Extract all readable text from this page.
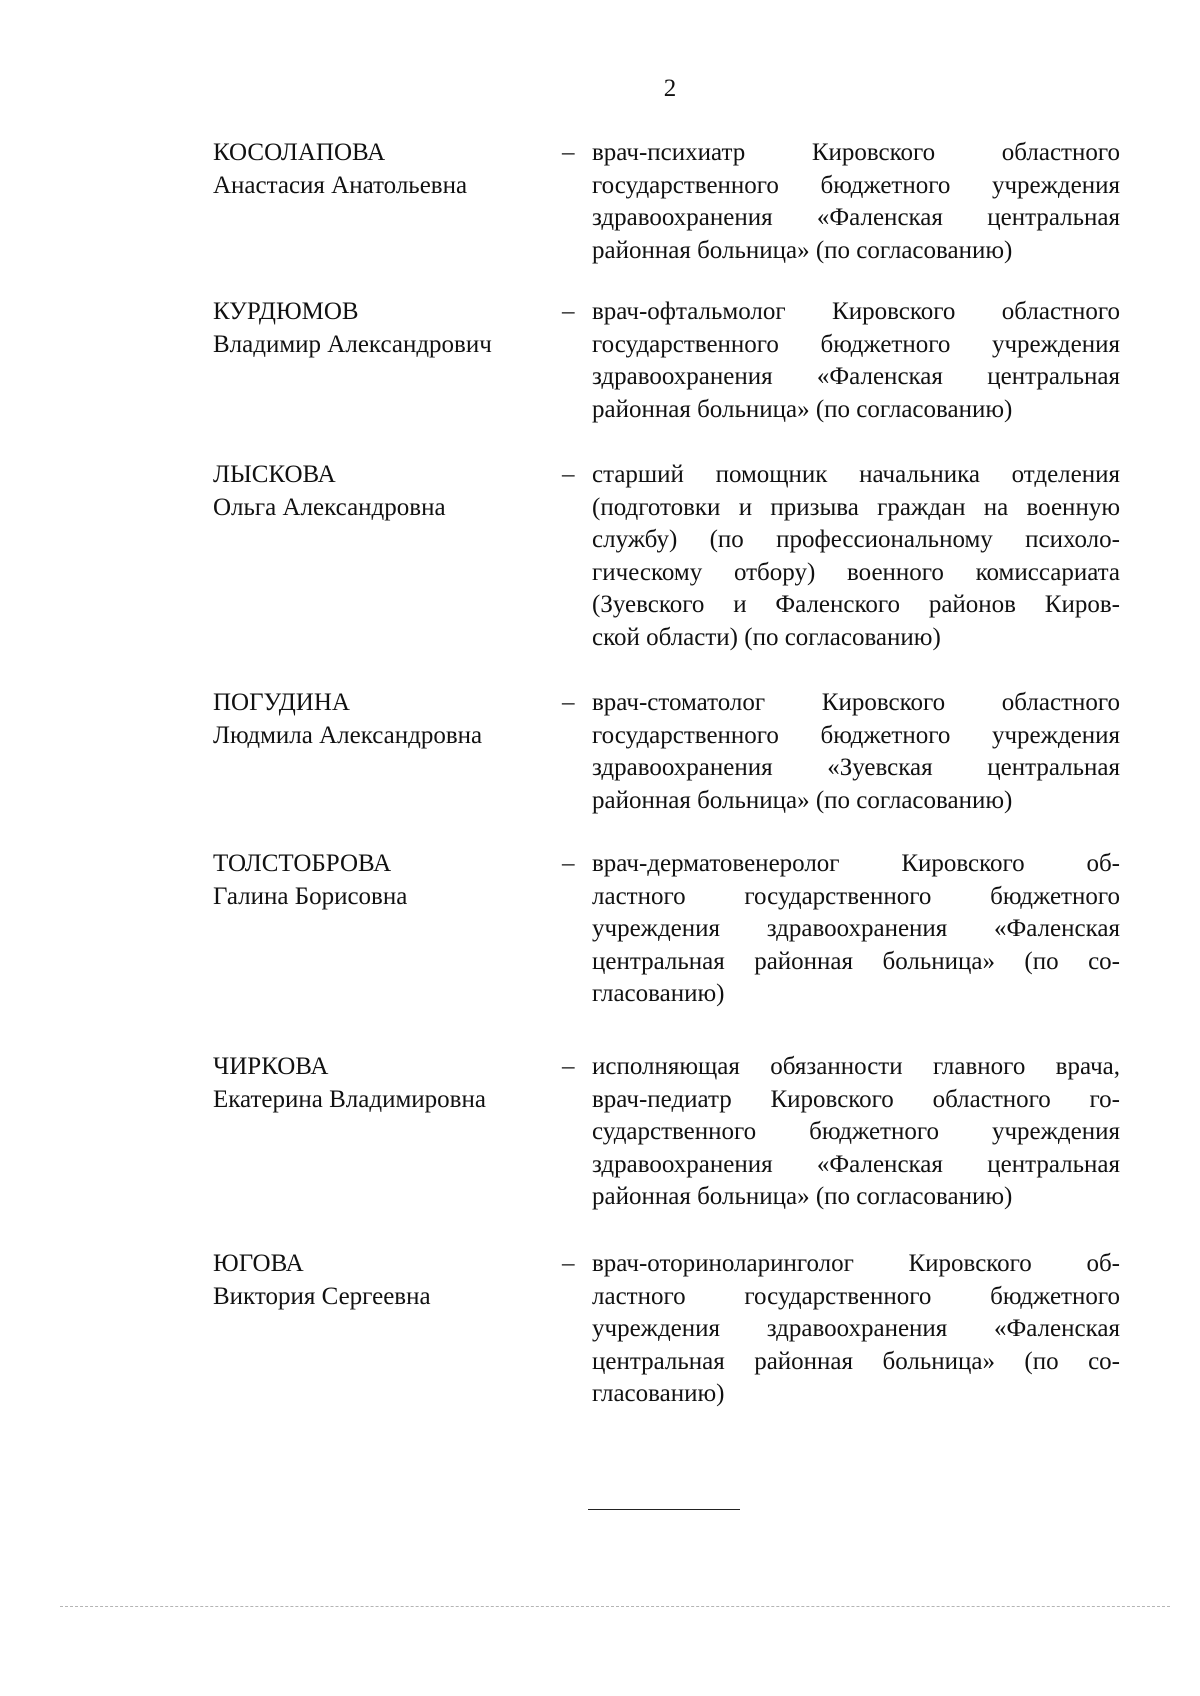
2
КОСОЛАПОВА
Анастасия Анатольевна
– врач-психиатр Кировского областного
государственного бюджетного учреждения
здравоохранения «Фаленская центральная
районная больница» (по согласованию)
КУРДЮМОВ
Владимир Александрович
– врач-офтальмолог Кировского областного
государственного бюджетного учреждения
здравоохранения «Фаленская центральная
районная больница» (по согласованию)
ЛЫСКОВА
Ольга Александровна
– старший помощник начальника отделения
(подготовки и призыва граждан на военную
службу) (по профессиональному психоло-
гическому отбору) военного комиссариата
(Зуевского и Фаленского районов Киров-
ской области) (по согласованию)
ПОГУДИНА
Людмила Александровна
– врач-стоматолог Кировского областного
государственного бюджетного учреждения
здравоохранения «Зуевская центральная
районная больница» (по согласованию)
ТОЛСТОБРОВА
Галина Борисовна
– врач-дерматовенеролог Кировского об-
ластного государственного бюджетного
учреждения здравоохранения «Фаленская
центральная районная больница» (по со-
гласованию)
ЧИРКОВА
Екатерина Владимировна
– исполняющая обязанности главного врача,
врач-педиатр Кировского областного го-
сударственного бюджетного учреждения
здравоохранения «Фаленская центральная
районная больница» (по согласованию)
ЮГОВА
Виктория Сергеевна
– врач-оториноларинголог Кировского об-
ластного государственного бюджетного
учреждения здравоохранения «Фаленская
центральная районная больница» (по со-
гласованию)
